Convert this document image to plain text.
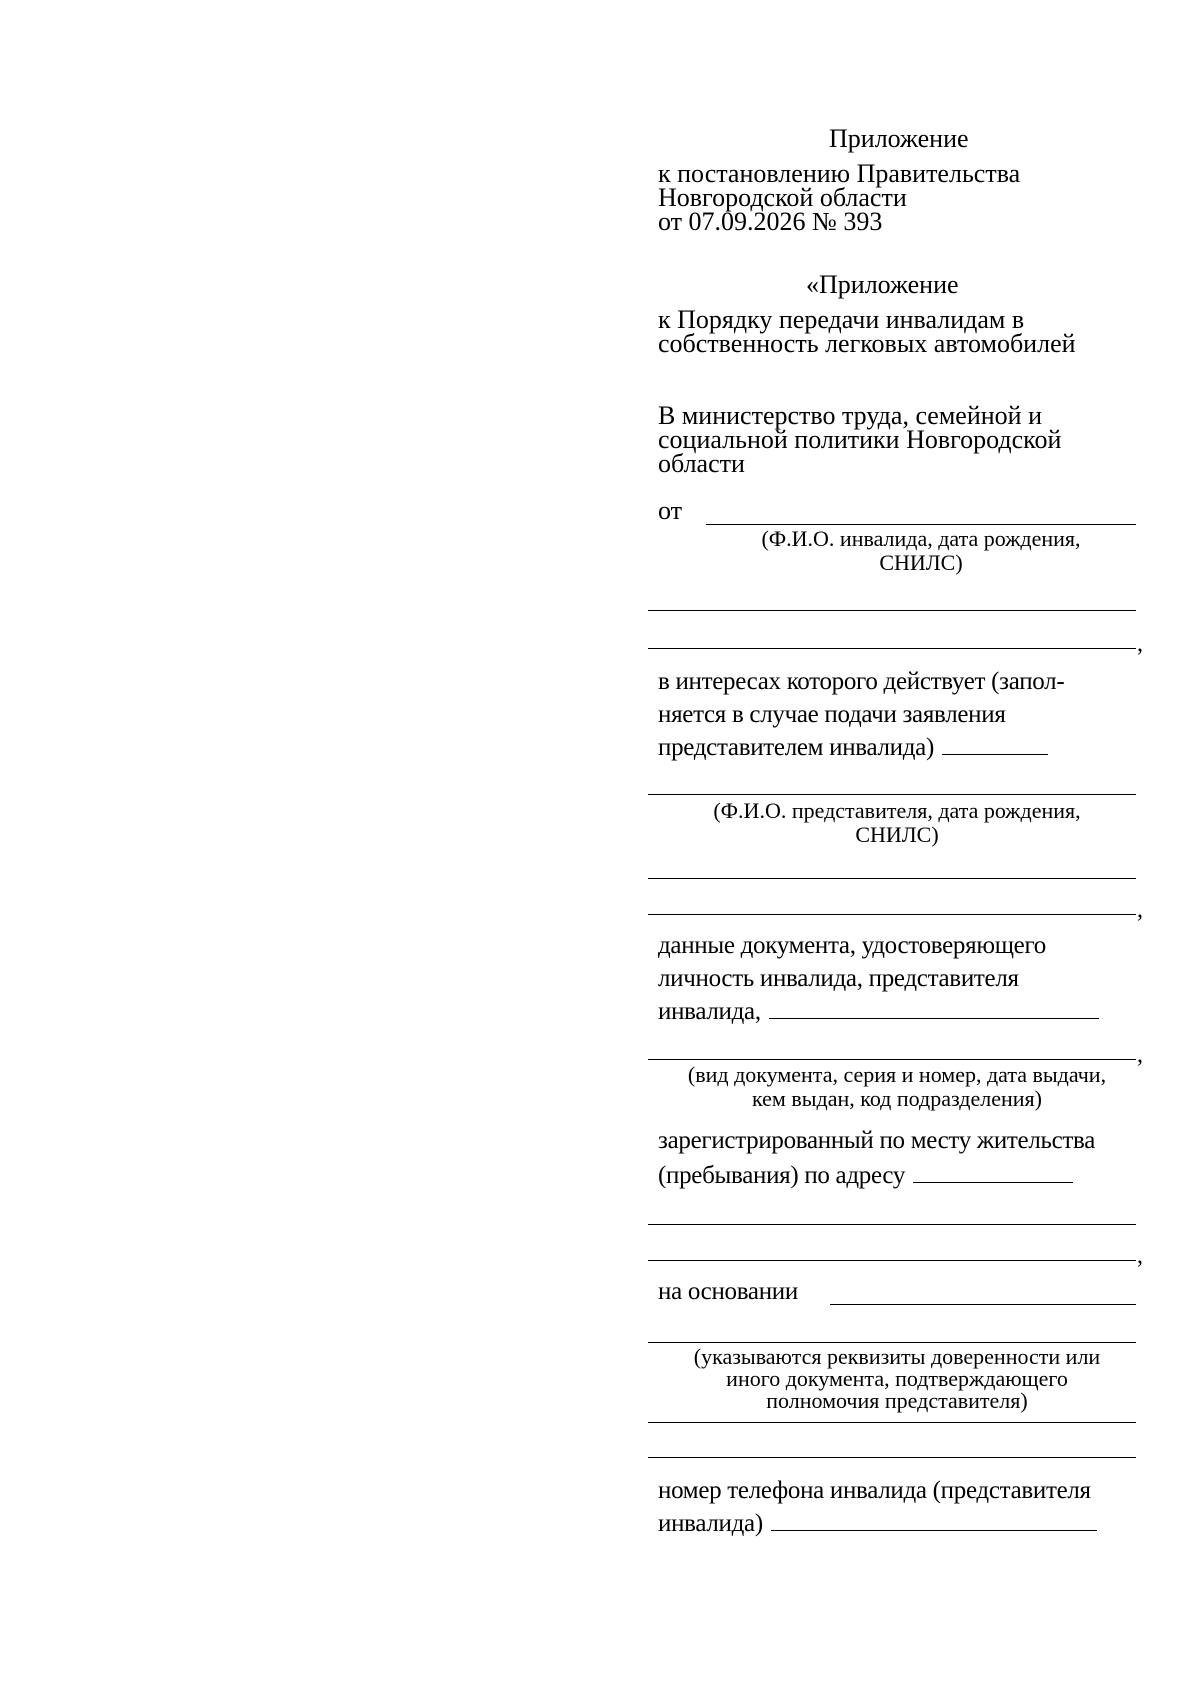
Приложение

к постановлению Правительства

Новгородской области

от 07.09.2026 № 393

«Приложение

к Порядку передачи инвалидам в

собственность легковых автомобилей

В министерство труда, семейной и

социальной политики Новгородской

области

от

(Ф.И.О. инвалида, дата рождения,

СНИЛС)

,

в интересах которого действует (запол-

няется в случае подачи заявления

представителем инвалида)

(Ф.И.О. представителя, дата рождения,

СНИЛС)

,

данные документа, удостоверяющего

личность инвалида, представителя

инвалида,

,

(вид документа, серия и номер, дата выдачи,

кем выдан, код подразделения)

зарегистрированный по месту жительства

(пребывания) по адресу

,

на основании

(указываются реквизиты доверенности или

иного документа, подтверждающего

полномочия представителя)

номер телефона инвалида (представителя

инвалида)
